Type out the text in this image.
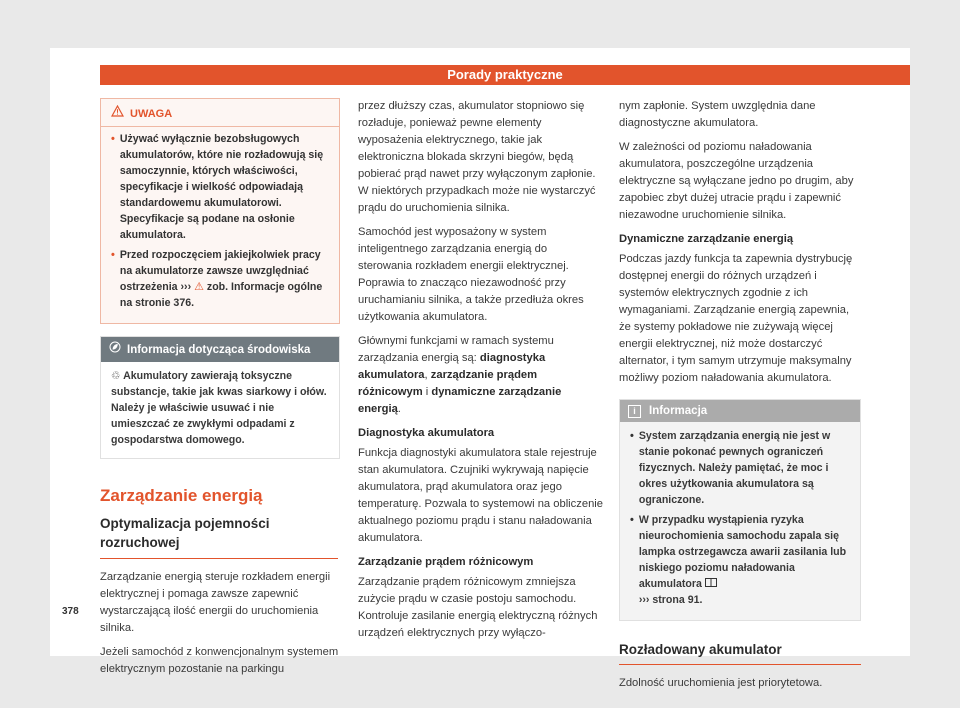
Porady praktyczne
UWAGA
• Używać wyłącznie bezobsługowych akumulatorów, które nie rozładowują się samoczynnie, których właściwości, specyfikacje i wielkość odpowiadają standardowemu akumulatorowi. Specyfikacje są podane na osłonie akumulatora.
• Przed rozpoczęciem jakiejkolwiek pracy na akumulatorze zawsze uwzględniać ostrzeżenia ››› ⚠ zob. Informacje ogólne na stronie 376.
Informacja dotycząca środowiska
♲ Akumulatory zawierają toksyczne substancje, takie jak kwas siarkowy i ołów. Należy je właściwie usuwać i nie umieszczać ze zwykłymi odpadami z gospodarstwa domowego.
Zarządzanie energią
Optymalizacja pojemności rozruchowej

Zarządzanie energią steruje rozkładem energii elektrycznej i pomaga zawsze zapewnić wystarczającą ilość energii do uruchomienia silnika.

Jeżeli samochód z konwencjonalnym systemem elektrycznym pozostanie na parkingu

przez dłuższy czas, akumulator stopniowo się rozładuje, ponieważ pewne elementy wyposażenia elektrycznego, takie jak elektroniczna blokada skrzyni biegów, będą pobierać prąd nawet przy wyłączonym zapłonie. W niektórych przypadkach może nie wystarczyć prądu do uruchomienia silnika.

Samochód jest wyposażony w system inteligentnego zarządzania energią do sterowania rozkładem energii elektrycznej. Poprawia to znacząco niezawodność przy uruchamianiu silnika, a także przedłuża okres użytkowania akumulatora.

Głównymi funkcjami w ramach systemu zarządzania energią są: diagnostyka akumulatora, zarządzanie prądem różnicowym i dynamiczne zarządzanie energią.

Diagnostyka akumulatora

Funkcja diagnostyki akumulatora stale rejestruje stan akumulatora. Czujniki wykrywają napięcie akumulatora, prąd akumulatora oraz jego temperaturę. Pozwala to systemowi na obliczenie aktualnego poziomu prądu i stanu naładowania akumulatora.

Zarządzanie prądem różnicowym

Zarządzanie prądem różnicowym zmniejsza zużycie prądu w czasie postoju samochodu. Kontroluje zasilanie energią elektryczną różnych urządzeń elektrycznych przy wyłączo-

nym zapłonie. System uwzględnia dane diagnostyczne akumulatora.

W zależności od poziomu naładowania akumulatora, poszczególne urządzenia elektryczne są wyłączane jedno po drugim, aby zapobiec zbyt dużej utracie prądu i zapewnić niezawodne uruchomienie silnika.

Dynamiczne zarządzanie energią

Podczas jazdy funkcja ta zapewnia dystrybucję dostępnej energii do różnych urządzeń i systemów elektrycznych zgodnie z ich wymaganiami. Zarządzanie energią zapewnia, że systemy pokładowe nie zużywają więcej energii elektrycznej, niż może dostarczyć alternator, i tym samym utrzymuje maksymalny możliwy poziom naładowania akumulatora.

i	Informacja
• System zarządzania energią nie jest w stanie pokonać pewnych ograniczeń fizycznych. Należy pamiętać, że moc i okres użytkowania akumulatora są ograniczone.
• W przypadku wystąpienia ryzyka nieurochomienia samochodu zapala się lampka ostrzegawcza awarii zasilania lub niskiego poziomu naładowania akumulatora
››› strona 91.
Rozładowany akumulator

Zdolność uruchomienia jest priorytetowa.

378
